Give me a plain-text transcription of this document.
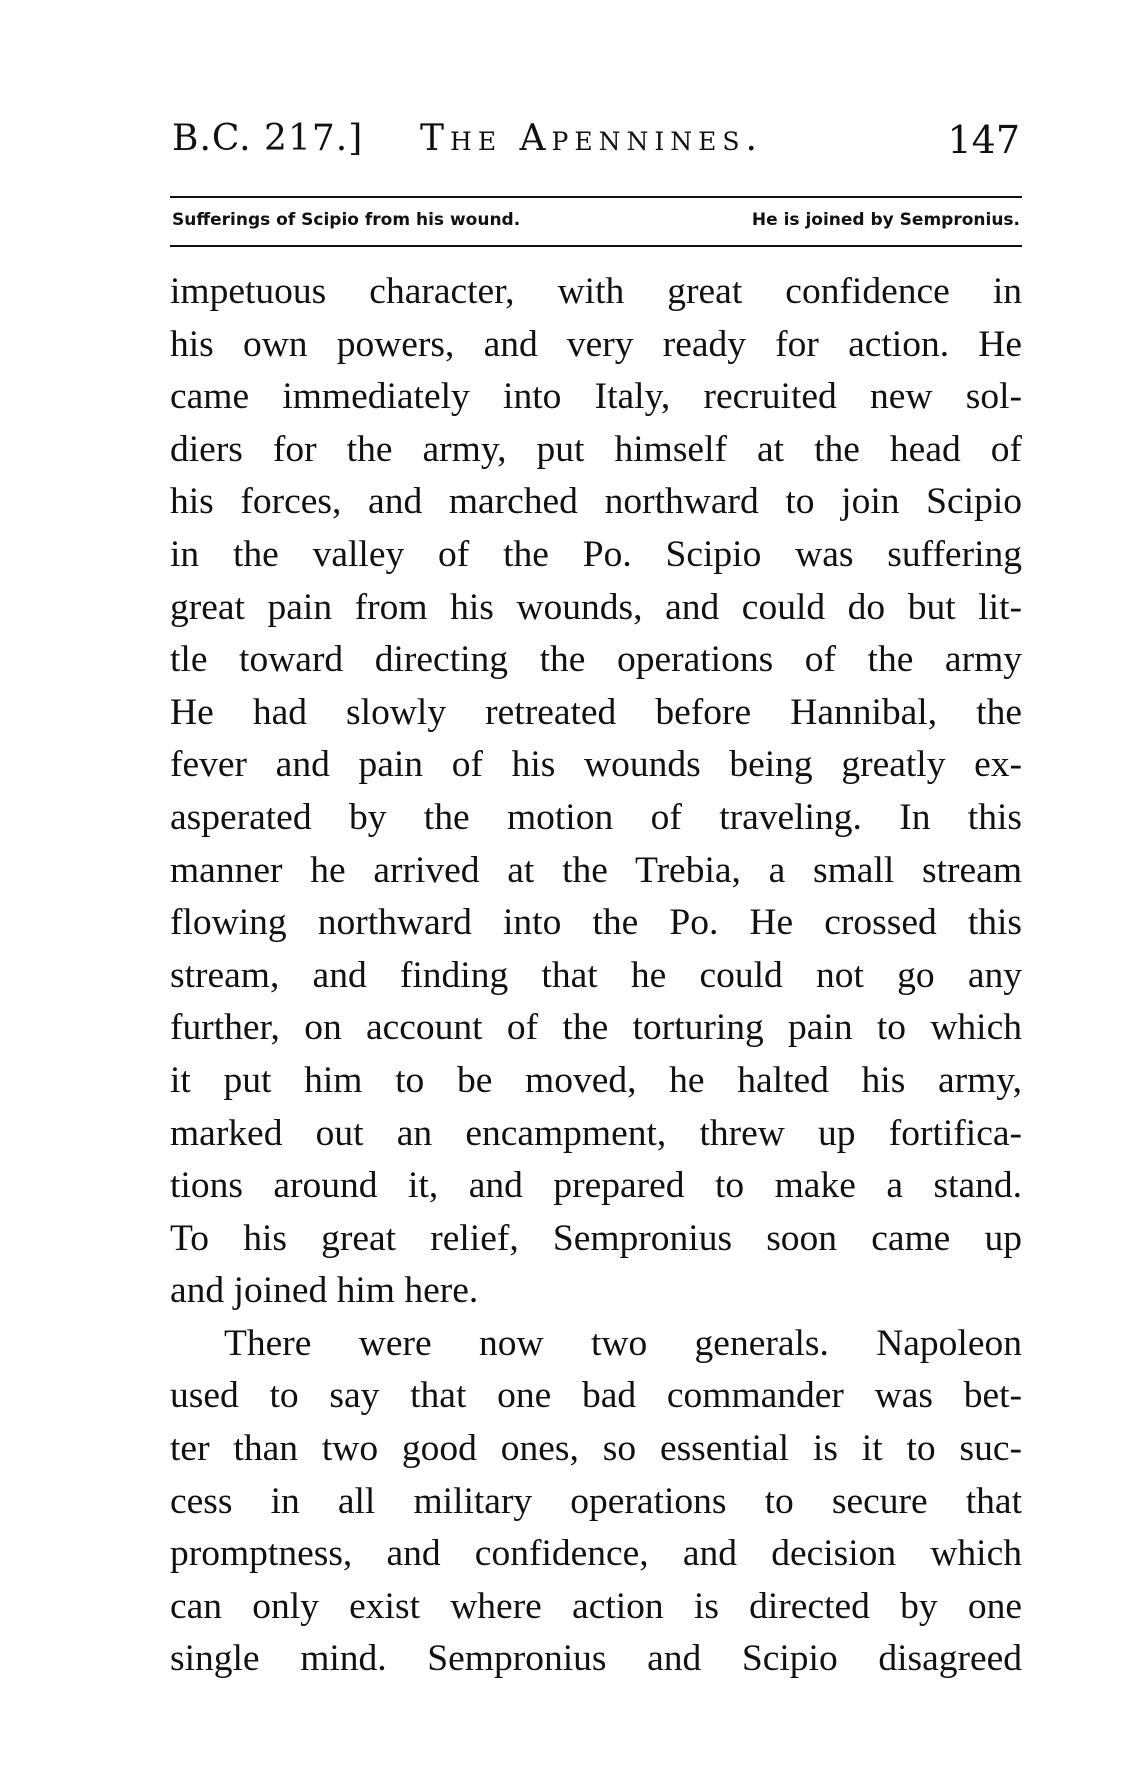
B.C. 217.] The Apennines.	147
Sufferings of Scipio from his wound.	He is joined by Sempronius.
impetuous character, with great confidence in
his own powers, and very ready for action. He
came immediately into Italy, recruited new sol-
diers for the army, put himself at the head of
his forces, and marched northward to join Scipio
in the valley of the Po. Scipio was suffering
great pain from his wounds, and could do but lit-
tle toward directing the operations of the army
He had slowly retreated before Hannibal, the
fever and pain of his wounds being greatly ex-
asperated by the motion of traveling. In this
manner he arrived at the Trebia, a small stream
flowing northward into the Po. He crossed this
stream, and finding that he could not go any
further, on account of the torturing pain to which
it put him to be moved, he halted his army,
marked out an encampment, threw up fortifica-
tions around it, and prepared to make a stand.
To his great relief, Sempronius soon came up
and joined him here.
There were now two generals. Napoleon
used to say that one bad commander was bet-
ter than two good ones, so essential is it to suc-
cess in all military operations to secure that
promptness, and confidence, and decision which
can only exist where action is directed by one
single mind. Sempronius and Scipio disagreed
